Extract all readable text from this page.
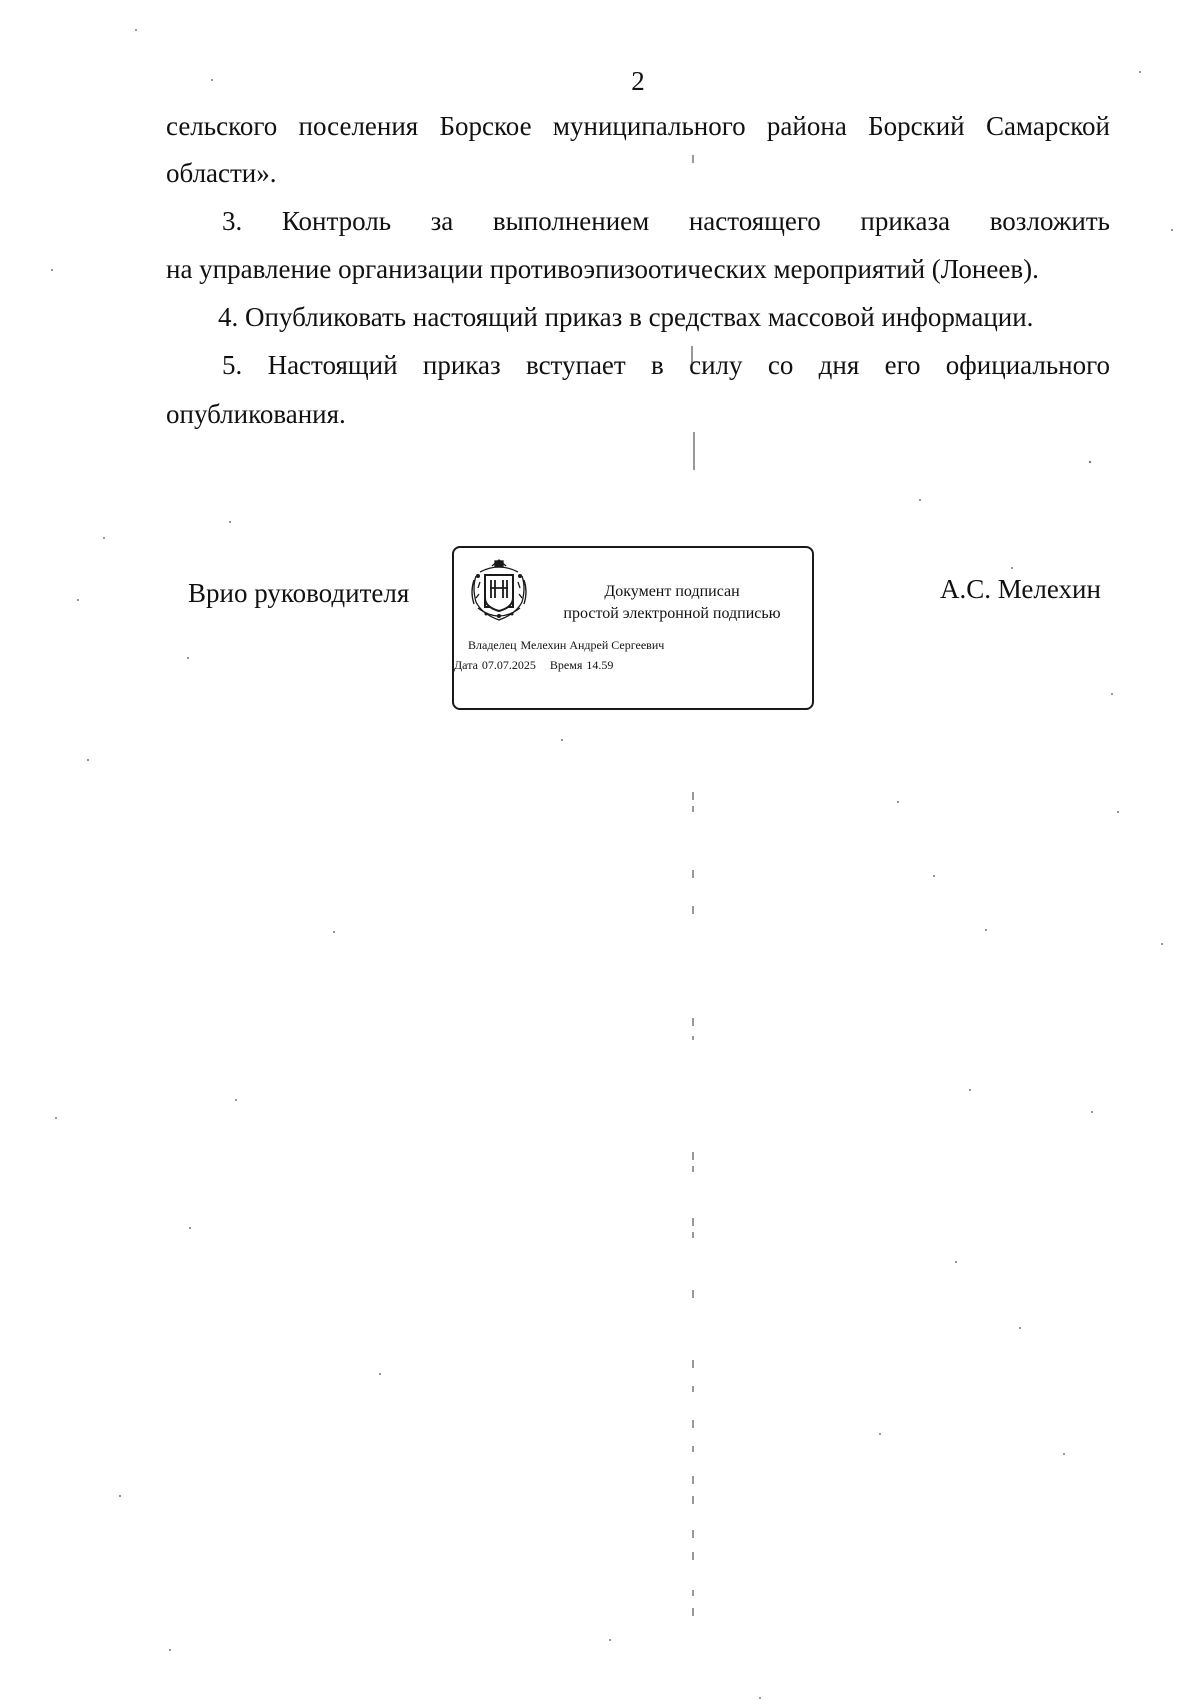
2
сельского поселения Борское муниципального района Борский Самарской
области».
3. Контроль за выполнением настоящего приказа возложить
на управление организации противоэпизоотических мероприятий (Лонеев).
4. Опубликовать настоящий приказ в средствах массовой информации.
5. Настоящий приказ вступает в силу со дня его официального
опубликования.
Врио руководителя	Документ подписан
простой электронной подписью
Владелец Мелехин Андрей Сергеевич
Дата 07.07.2025 Время 14.59
А.С. Мелехин
